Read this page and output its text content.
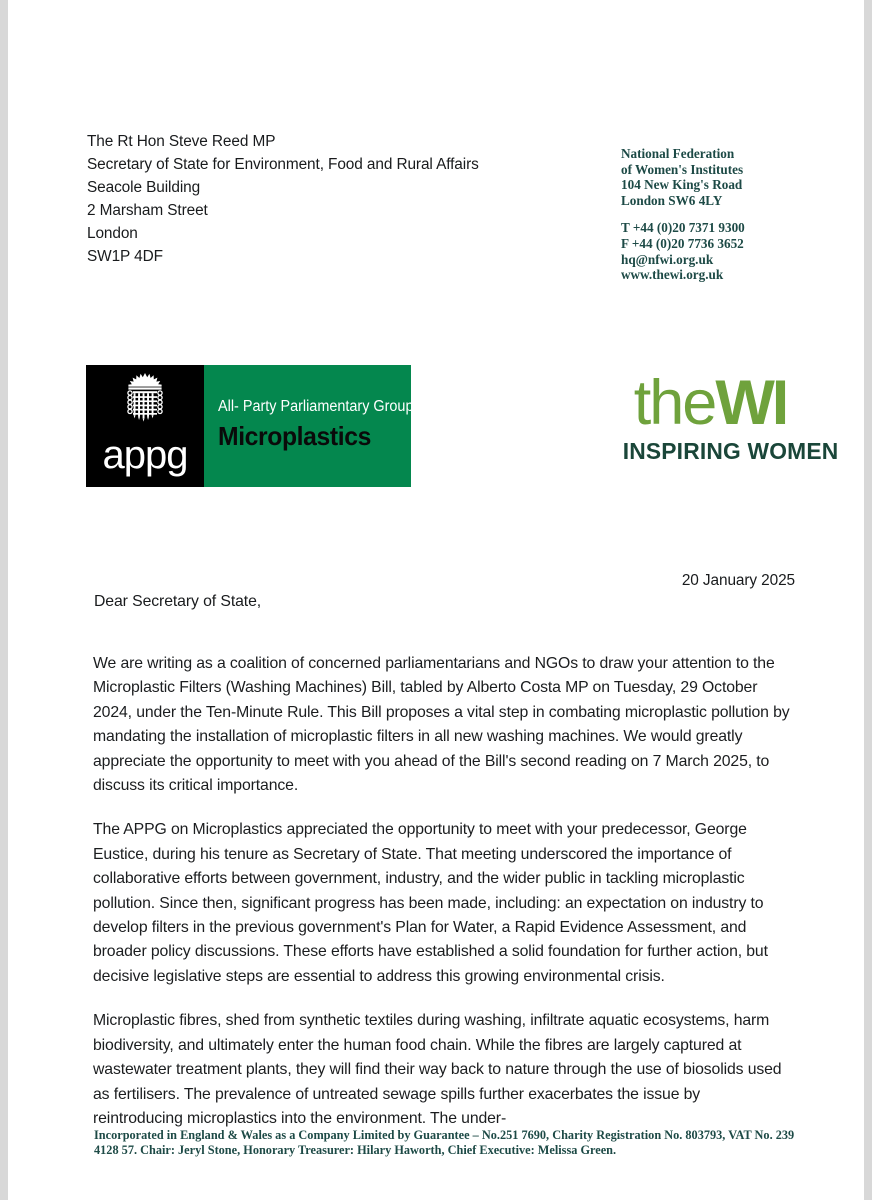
The Rt Hon Steve Reed MP
Secretary of State for Environment, Food and Rural Affairs
Seacole Building
2 Marsham Street
London
SW1P 4DF
National Federation
of Women's Institutes
104 New King's Road
London SW6 4LY
T +44 (0)20 7371 9300
F +44 (0)20 7736 3652
hq@nfwi.org.uk
www.thewi.org.uk
appg
All- Party Parliamentary Group on
Microplastics	theWI
INSPIRING WOMEN
20 January 2025
Dear Secretary of State,

We are writing as a coalition of concerned parliamentarians and NGOs to draw your attention to the Microplastic Filters (Washing Machines) Bill, tabled by Alberto Costa MP on Tuesday, 29 October 2024, under the Ten-Minute Rule. This Bill proposes a vital step in combating microplastic pollution by mandating the installation of microplastic filters in all new washing machines. We would greatly appreciate the opportunity to meet with you ahead of the Bill's second reading on 7 March 2025, to discuss its critical importance.

The APPG on Microplastics appreciated the opportunity to meet with your predecessor, George Eustice, during his tenure as Secretary of State. That meeting underscored the importance of collaborative efforts between government, industry, and the wider public in tackling microplastic pollution. Since then, significant progress has been made, including: an expectation on industry to develop filters in the previous government's Plan for Water, a Rapid Evidence Assessment, and broader policy discussions. These efforts have established a solid foundation for further action, but decisive legislative steps are essential to address this growing environmental crisis.

Microplastic fibres, shed from synthetic textiles during washing, infiltrate aquatic ecosystems, harm biodiversity, and ultimately enter the human food chain. While the fibres are largely captured at wastewater treatment plants, they will find their way back to nature through the use of biosolids used as fertilisers. The prevalence of untreated sewage spills further exacerbates the issue by reintroducing microplastics into the environment. The under-

Incorporated in England & Wales as a Company Limited by Guarantee – No.251 7690, Charity Registration No. 803793, VAT No. 239 4128 57. Chair: Jeryl Stone, Honorary Treasurer: Hilary Haworth, Chief Executive: Melissa Green.
